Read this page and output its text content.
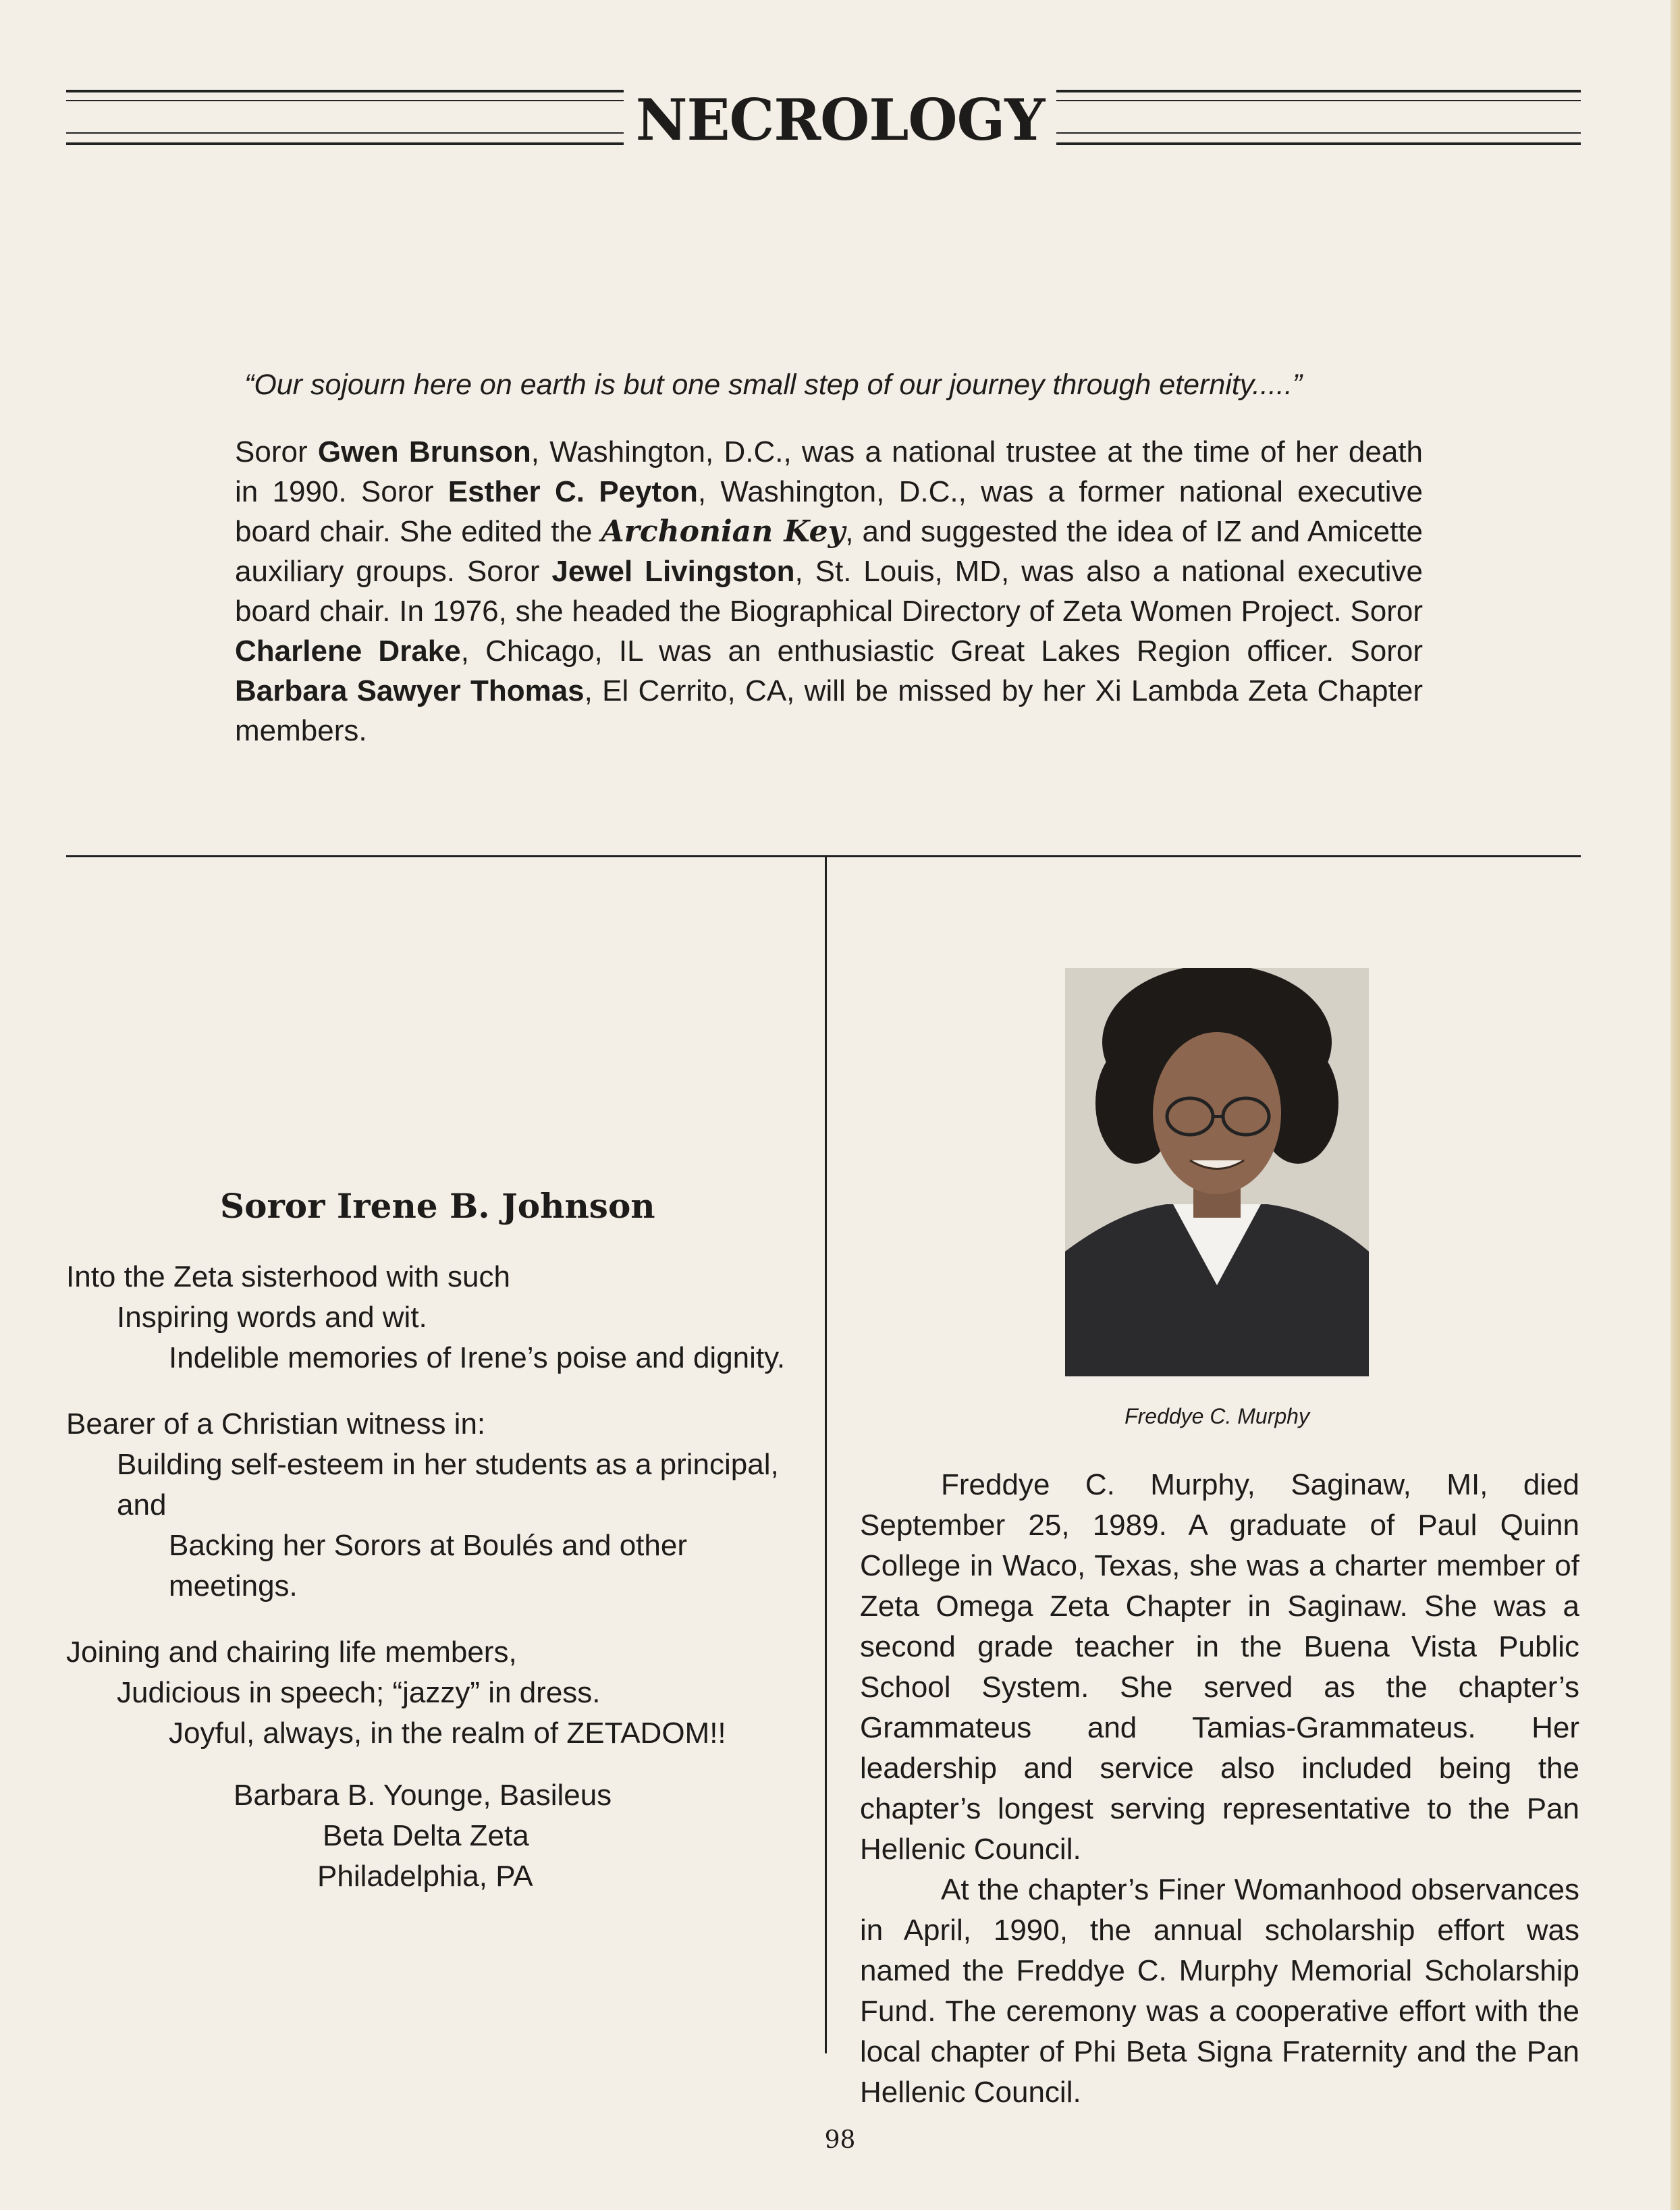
NECROLOGY
“Our sojourn here on earth is but one small step of our journey through eternity.....”
Soror Gwen Brunson, Washington, D.C., was a national trustee at the time of her death in 1990. Soror Esther C. Peyton, Washington, D.C., was a former national executive board chair. She edited the Archonian Key, and suggested the idea of IZ and Amicette auxiliary groups. Soror Jewel Livingston, St. Louis, MD, was also a national executive board chair. In 1976, she headed the Biographical Directory of Zeta Women Project. Soror Charlene Drake, Chicago, IL was an enthusiastic Great Lakes Region officer. Soror Barbara Sawyer Thomas, El Cerrito, CA, will be missed by her Xi Lambda Zeta Chapter members.
Soror Irene B. Johnson
Into the Zeta sisterhood with such
Inspiring words and wit.
Indelible memories of Irene’s poise and dignity.
Bearer of a Christian witness in:
Building self-esteem in her students as a principal,
and
Backing her Sorors at Boulés and other
meetings.
Joining and chairing life members,
Judicious in speech; “jazzy” in dress.
Joyful, always, in the realm of ZETADOM!!
Barbara B. Younge, Basileus
Beta Delta Zeta
Philadelphia, PA
Freddye C. Murphy

Freddye C. Murphy, Saginaw, MI, died September 25, 1989. A graduate of Paul Quinn College in Waco, Texas, she was a charter member of Zeta Omega Zeta Chapter in Saginaw. She was a second grade teacher in the Buena Vista Public School System. She served as the chapter’s Grammateus and Tamias-Grammateus. Her leadership and service also included being the chapter’s longest serving representative to the Pan Hellenic Council.

At the chapter’s Finer Womanhood observances in April, 1990, the annual scholarship effort was named the Freddye C. Murphy Memorial Scholarship Fund. The ceremony was a cooperative effort with the local chapter of Phi Beta Signa Fraternity and the Pan Hellenic Council.

98
